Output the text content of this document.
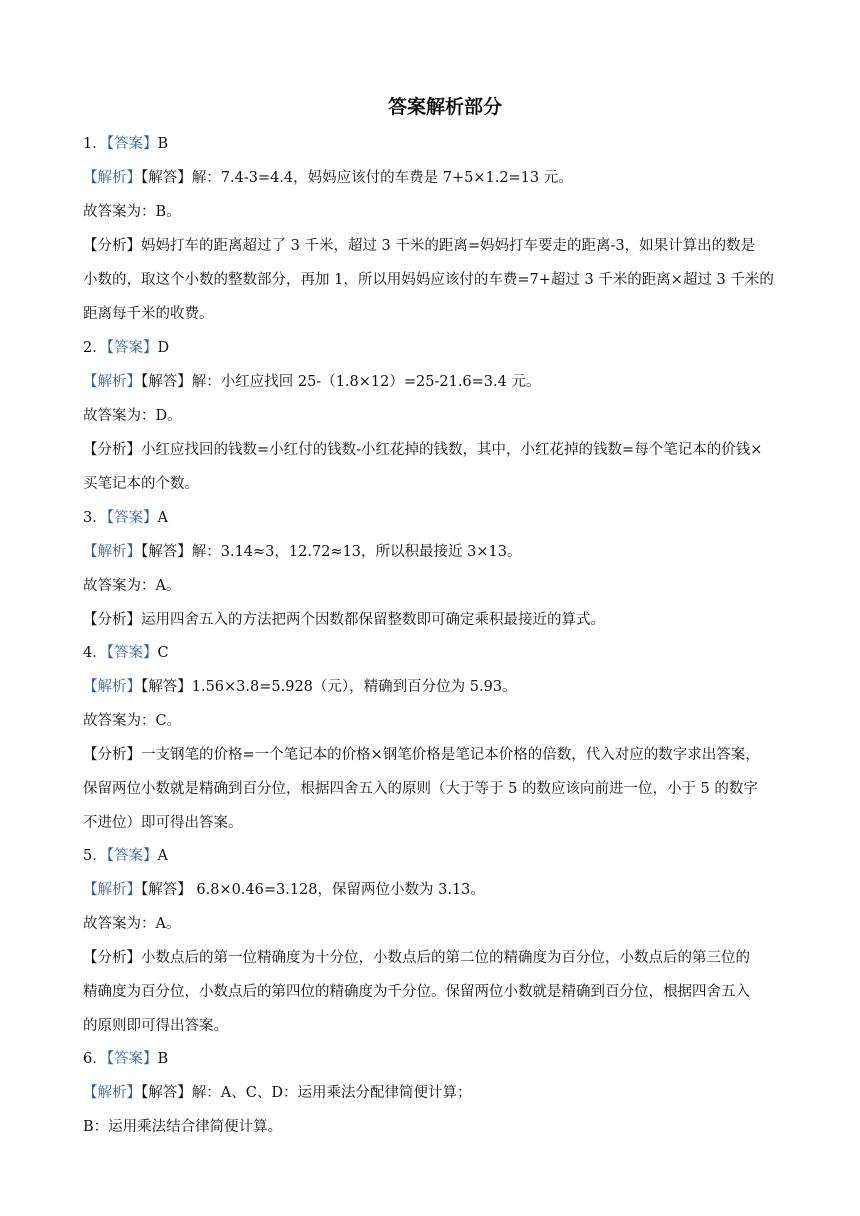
答案解析部分
1．【答案】B
【解析】【解答】解：7.4-3=4.4，妈妈应该付的车费是 7+5×1.2=13 元。
故答案为：B。
【分析】妈妈打车的距离超过了 3 千米，超过 3 千米的距离=妈妈打车要走的距离-3，如果计算出的数是
小数的，取这个小数的整数部分，再加 1，所以用妈妈应该付的车费=7+超过 3 千米的距离×超过 3 千米的
距离每千米的收费。
2．【答案】D
【解析】【解答】解：小红应找回 25-（1.8×12）=25-21.6=3.4 元。
故答案为：D。
【分析】小红应找回的钱数=小红付的钱数-小红花掉的钱数，其中，小红花掉的钱数=每个笔记本的价钱×
买笔记本的个数。
3．【答案】A
【解析】【解答】解：3.14≈3，12.72≈13，所以积最接近 3×13。
故答案为：A。
【分析】运用四舍五入的方法把两个因数都保留整数即可确定乘积最接近的算式。
4．【答案】C
【解析】【解答】1.56×3.8=5.928（元），精确到百分位为 5.93。
故答案为：C。
【分析】一支钢笔的价格=一个笔记本的价格×钢笔价格是笔记本价格的倍数，代入对应的数字求出答案，
保留两位小数就是精确到百分位，根据四舍五入的原则（大于等于 5 的数应该向前进一位，小于 5 的数字
不进位）即可得出答案。
5．【答案】A
【解析】【解答】 6.8×0.46=3.128，保留两位小数为 3.13。
故答案为：A。
【分析】小数点后的第一位精确度为十分位，小数点后的第二位的精确度为百分位，小数点后的第三位的
精确度为百分位，小数点后的第四位的精确度为千分位。保留两位小数就是精确到百分位，根据四舍五入
的原则即可得出答案。
6．【答案】B
【解析】【解答】解：A、C、D：运用乘法分配律简便计算；
B：运用乘法结合律简便计算。
